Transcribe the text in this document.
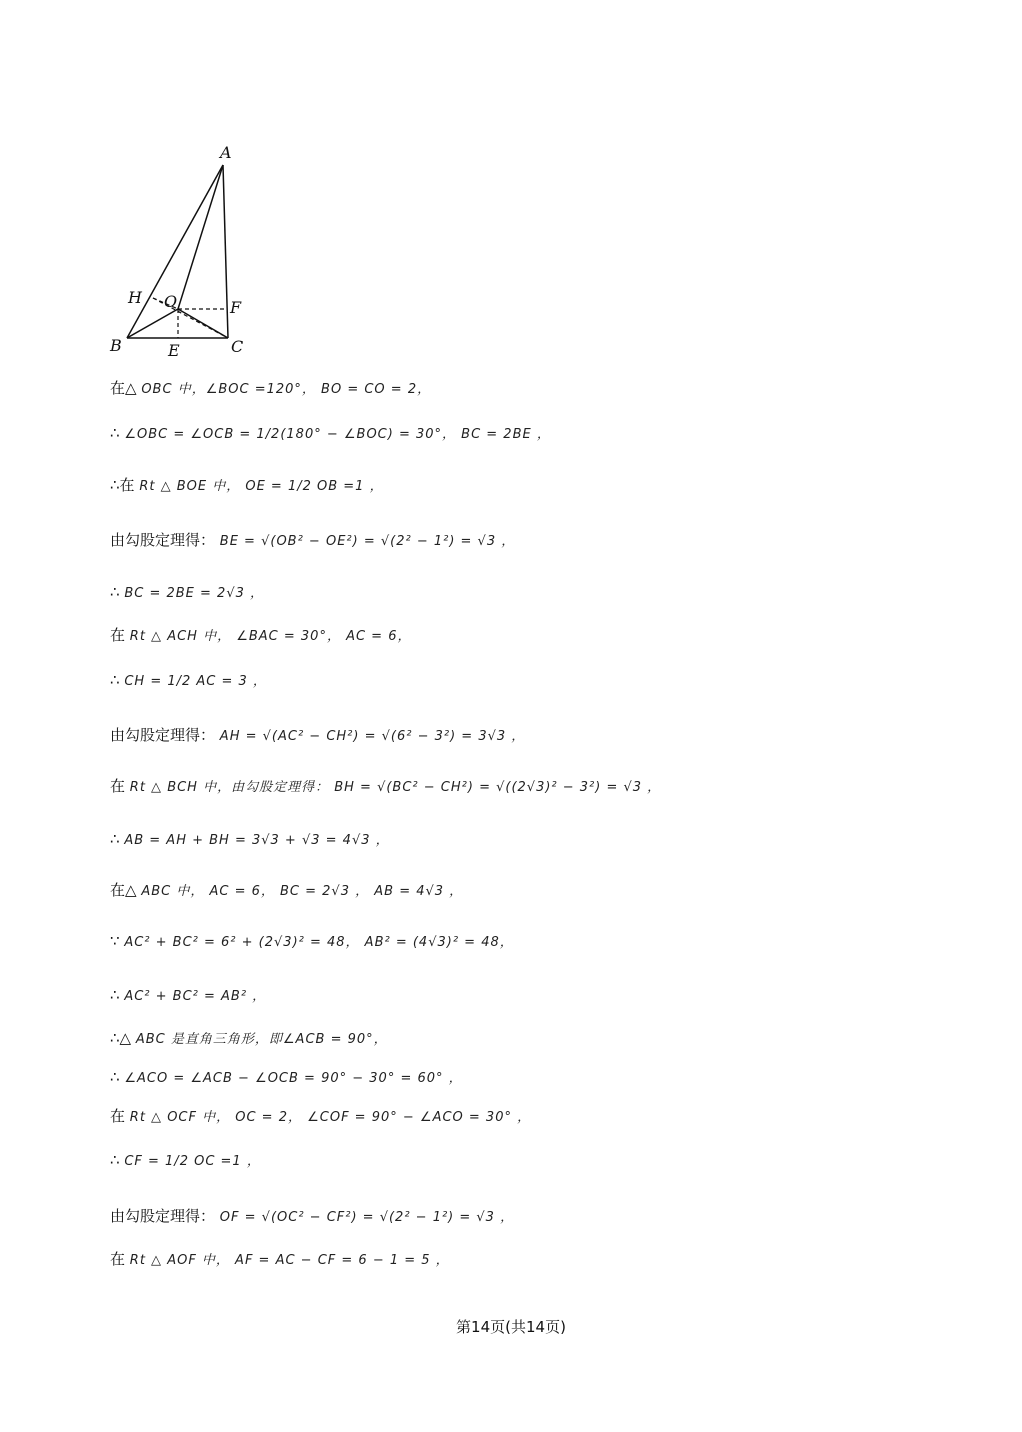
A
B	C
E
F
H O
在△ OBC 中，∠BOC =120°， BO = CO = 2，
∴ ∠OBC = ∠OCB = 1/2(180° − ∠BOC) = 30°， BC = 2BE ，
∴在 Rt △ BOE 中， OE = 1/2 OB =1 ，
由勾股定理得： BE = √(OB² − OE²) = √(2² − 1²) = √3 ，
∴ BC = 2BE = 2√3 ，
在 Rt △ ACH 中， ∠BAC = 30°， AC = 6，
∴ CH = 1/2 AC = 3 ，
由勾股定理得： AH = √(AC² − CH²) = √(6² − 3²) = 3√3 ，
在 Rt △ BCH 中，由勾股定理得： BH = √(BC² − CH²) = √((2√3)² − 3²) = √3 ，
∴ AB = AH + BH = 3√3 + √3 = 4√3 ，
在△ ABC 中， AC = 6， BC = 2√3 ， AB = 4√3 ，
∵ AC² + BC² = 6² + (2√3)² = 48， AB² = (4√3)² = 48，
∴ AC² + BC² = AB² ，
∴△ ABC 是直角三角形，即∠ACB = 90°，
∴ ∠ACO = ∠ACB − ∠OCB = 90° − 30° = 60° ，
在 Rt △ OCF 中， OC = 2， ∠COF = 90° − ∠ACO = 30° ，
∴ CF = 1/2 OC =1 ，
由勾股定理得： OF = √(OC² − CF²) = √(2² − 1²) = √3 ，
在 Rt △ AOF 中， AF = AC − CF = 6 − 1 = 5 ，
第14页(共14页)
